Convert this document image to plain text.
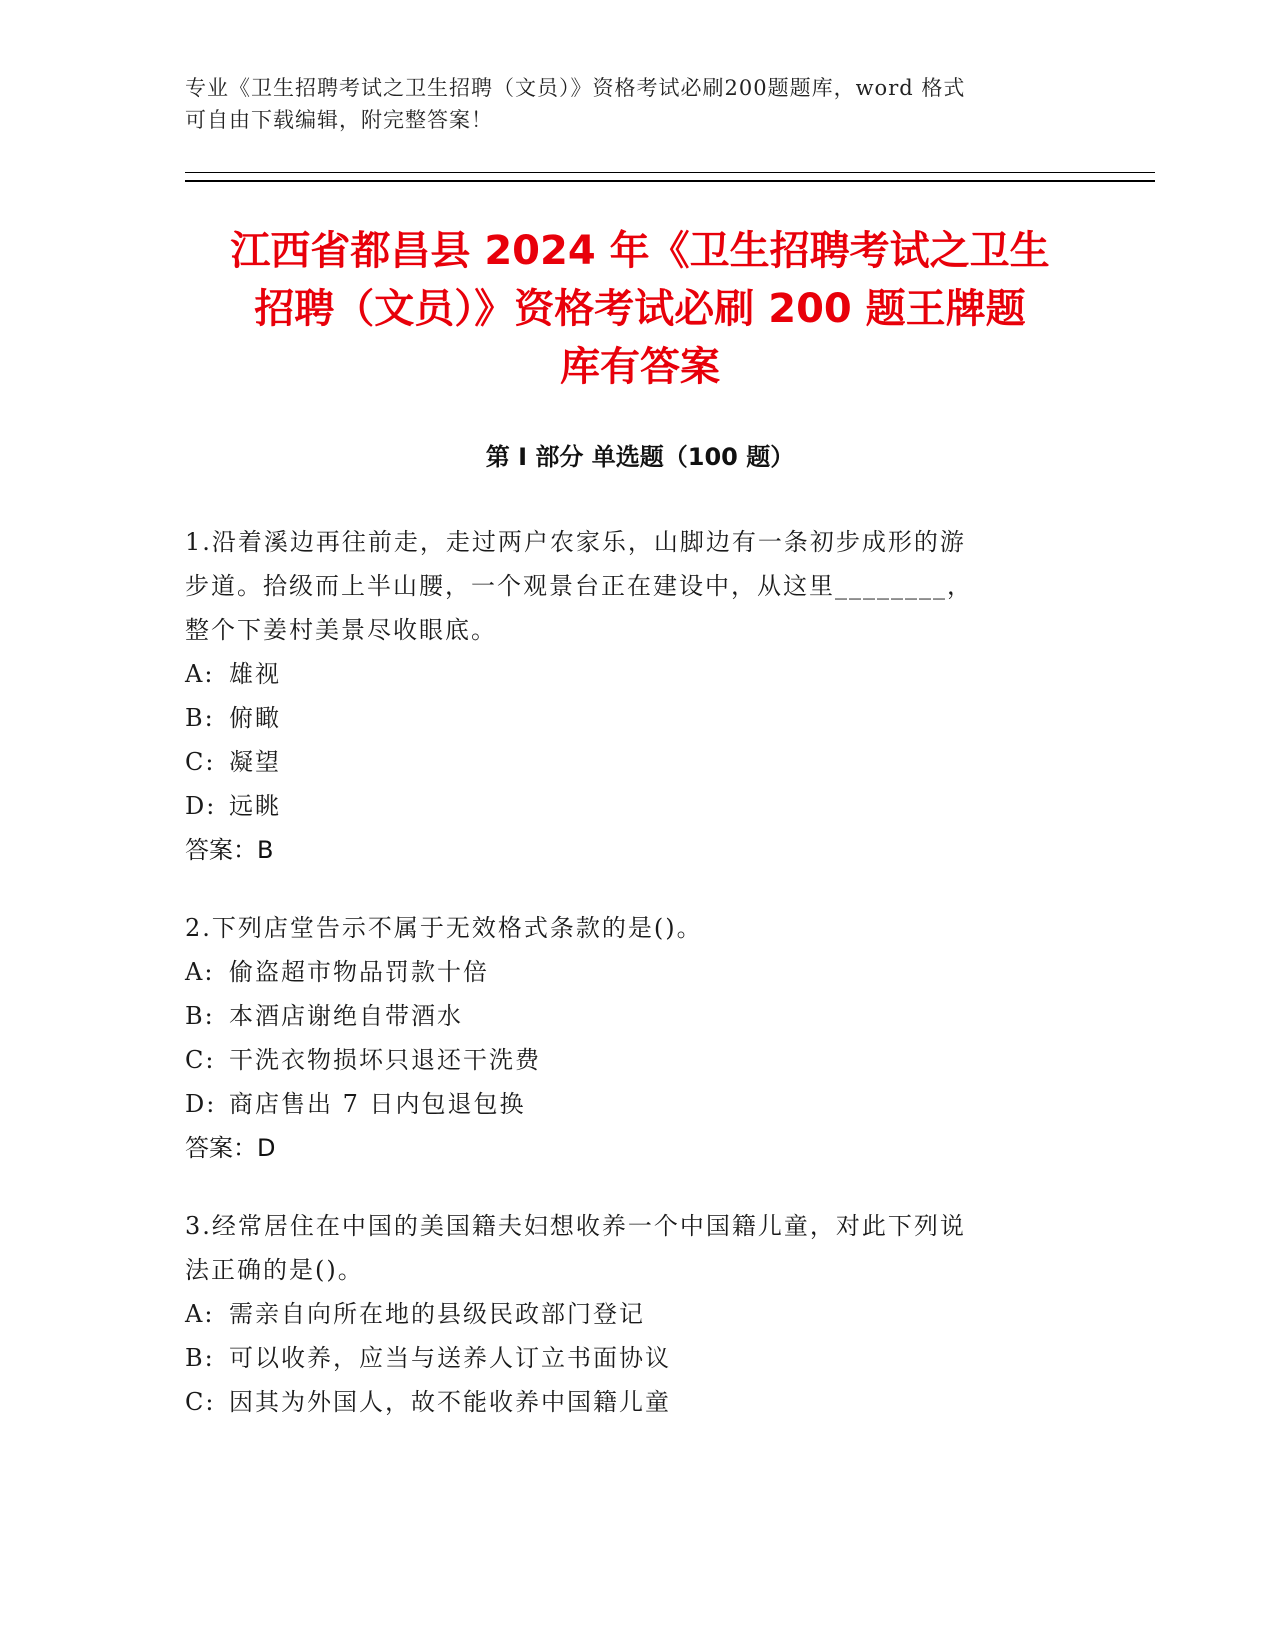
专业《卫生招聘考试之卫生招聘（文员）》资格考试必刷200题题库，word 格式
可自由下载编辑，附完整答案！
江西省都昌县 2024 年《卫生招聘考试之卫生
招聘（文员）》资格考试必刷 200 题王牌题
库有答案
第 I 部分 单选题（100 题）
1.沿着溪边再往前走，走过两户农家乐，山脚边有一条初步成形的游
步道。拾级而上半山腰，一个观景台正在建设中，从这里________，
整个下姜村美景尽收眼底。
A: 雄视
B: 俯瞰
C: 凝望
D: 远眺
答案：B
2.下列店堂告示不属于无效格式条款的是()。
A: 偷盗超市物品罚款十倍
B: 本酒店谢绝自带酒水
C: 干洗衣物损坏只退还干洗费
D: 商店售出 7 日内包退包换
答案：D
3.经常居住在中国的美国籍夫妇想收养一个中国籍儿童，对此下列说
法正确的是()。
A: 需亲自向所在地的县级民政部门登记
B: 可以收养，应当与送养人订立书面协议
C: 因其为外国人，故不能收养中国籍儿童
